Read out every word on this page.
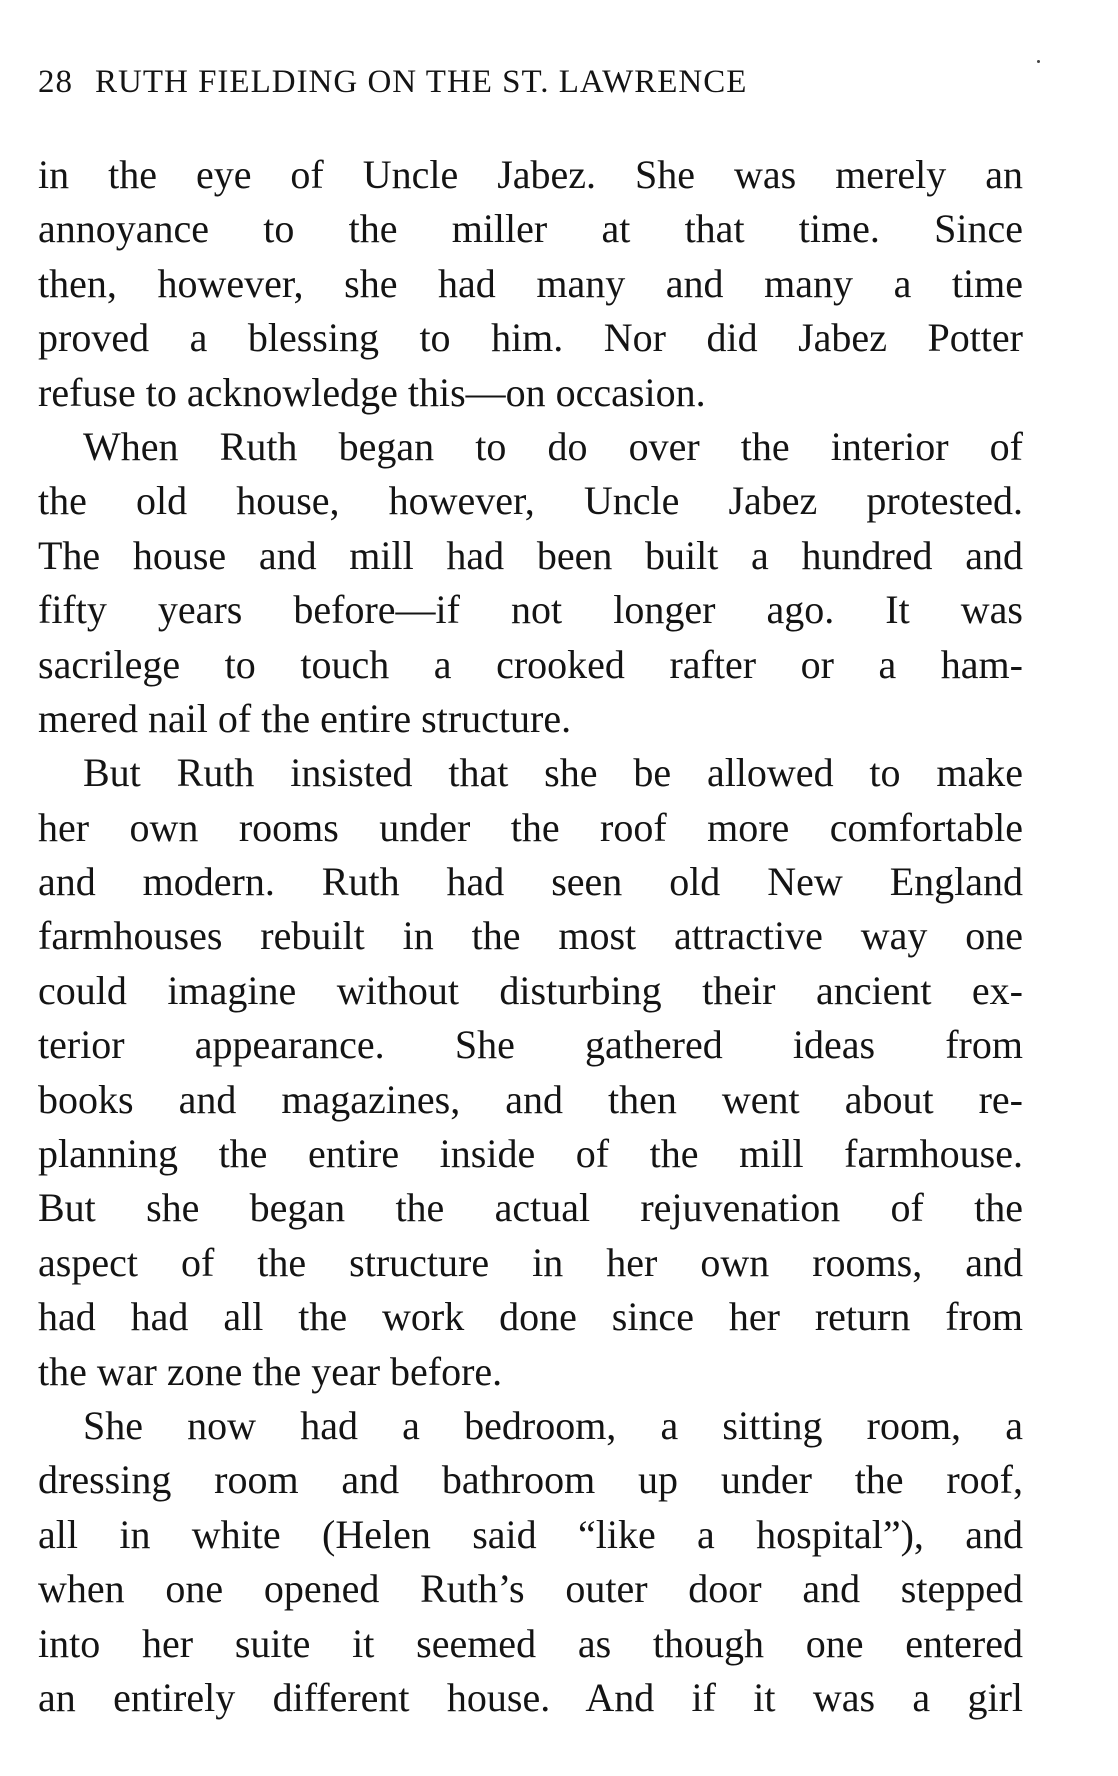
28 RUTH FIELDING ON THE ST. LAWRENCE
in the eye of Uncle Jabez. She was merely an
annoyance to the miller at that time. Since
then, however, she had many and many a time
proved a blessing to him. Nor did Jabez Potter
refuse to acknowledge this—on occasion.
When Ruth began to do over the interior of
the old house, however, Uncle Jabez protested.
The house and mill had been built a hundred and
fifty years before—if not longer ago. It was
sacrilege to touch a crooked rafter or a ham-
mered nail of the entire structure.
But Ruth insisted that she be allowed to make
her own rooms under the roof more comfortable
and modern. Ruth had seen old New England
farmhouses rebuilt in the most attractive way one
could imagine without disturbing their ancient ex-
terior appearance. She gathered ideas from
books and magazines, and then went about re-
planning the entire inside of the mill farmhouse.
But she began the actual rejuvenation of the
aspect of the structure in her own rooms, and
had had all the work done since her return from
the war zone the year before.
She now had a bedroom, a sitting room, a
dressing room and bathroom up under the roof,
all in white (Helen said “like a hospital”), and
when one opened Ruth’s outer door and stepped
into her suite it seemed as though one entered
an entirely different house. And if it was a girl
